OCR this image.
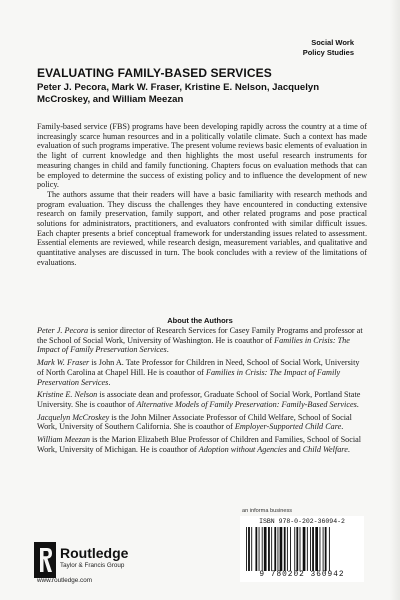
Social Work
Policy Studies
EVALUATING FAMILY-BASED SERVICES
Peter J. Pecora, Mark W. Fraser, Kristine E. Nelson, Jacquelyn McCroskey, and William Meezan

Family-based service (FBS) programs have been developing rapidly across the country at a time of increasingly scarce human resources and in a politically volatile climate. Such a context has made evaluation of such programs imperative. The present volume reviews basic elements of evaluation in the light of current knowledge and then highlights the most useful research instruments for measuring changes in child and family functioning. Chapters focus on evaluation methods that can be employed to determine the success of existing policy and to influence the development of new policy.

The authors assume that their readers will have a basic familiarity with research methods and program evaluation. They discuss the challenges they have encountered in conducting extensive research on family preservation, family support, and other related programs and pose practical solutions for administrators, practitioners, and evaluators confronted with similar difficult issues. Each chapter presents a brief conceptual framework for understanding issues related to assessment. Essential elements are reviewed, while research design, measurement variables, and qualitative and quantitative analyses are discussed in turn. The book concludes with a review of the limitations of evaluations.

About the Authors

Peter J. Pecora is senior director of Research Services for Casey Family Programs and professor at the School of Social Work, University of Washington. He is coauthor of Families in Crisis: The Impact of Family Preservation Services.

Mark W. Fraser is John A. Tate Professor for Children in Need, School of Social Work, University of North Carolina at Chapel Hill. He is coauthor of Families in Crisis: The Impact of Family Preservation Services.

Kristine E. Nelson is associate dean and professor, Graduate School of Social Work, Portland State University. She is coauthor of Alternative Models of Family Preservation: Family-Based Services.

Jacquelyn McCroskey is the John Milner Associate Professor of Child Welfare, School of Social Work, University of Southern California. She is coauthor of Employer-Supported Child Care.

William Meezan is the Marion Elizabeth Blue Professor of Children and Families, School of Social Work, University of Michigan. He is coauthor of Adoption without Agencies and Child Welfare.

an informa business
ISBN 978-0-202-36094-2
9 780202 360942
Routledge
Taylor & Francis Group
www.routledge.com
